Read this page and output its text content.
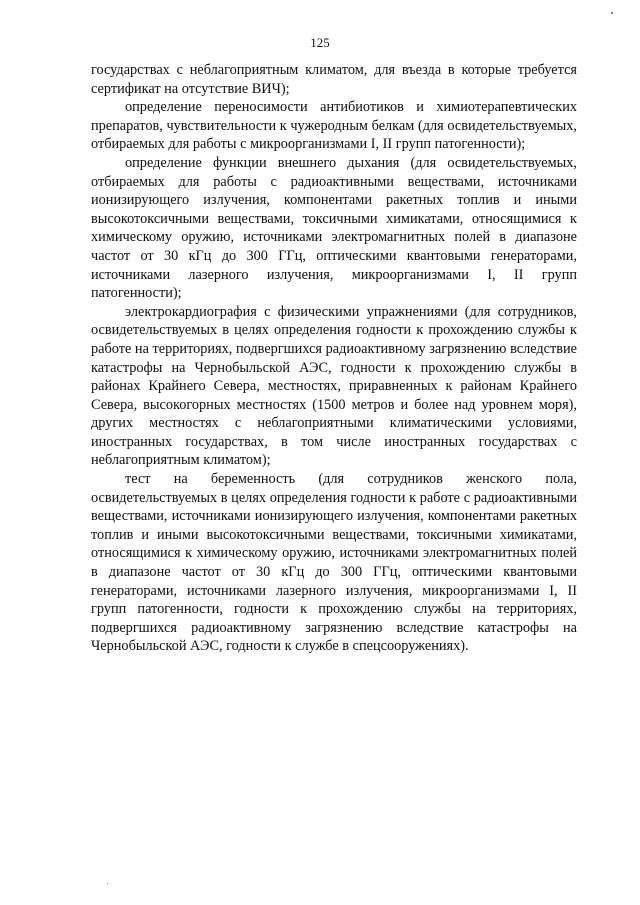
125

государствах с неблагоприятным климатом, для въезда в которые требуется сертификат на отсутствие ВИЧ);

определение переносимости антибиотиков и химиотерапевтических препаратов, чувствительности к чужеродным белкам (для освидетельствуемых, отбираемых для работы с микроорганизмами I, II групп патогенности);

определение функции внешнего дыхания (для освидетельствуемых, отбираемых для работы с радиоактивными веществами, источниками ионизирующего излучения, компонентами ракетных топлив и иными высокотоксичными веществами, токсичными химикатами, относящимися к химическому оружию, источниками электромагнитных полей в диапазоне частот от 30 кГц до 300 ГГц, оптическими квантовыми генераторами, источниками лазерного излучения, микроорганизмами I, II групп патогенности);

электрокардиография с физическими упражнениями (для сотрудников, освидетельствуемых в целях определения годности к прохождению службы к работе на территориях, подвергшихся радиоактивному загрязнению вследствие катастрофы на Чернобыльской АЭС, годности к прохождению службы в районах Крайнего Севера, местностях, приравненных к районам Крайнего Севера, высокогорных местностях (1500 метров и более над уровнем моря), других местностях с неблагоприятными климатическими условиями, иностранных государствах, в том числе иностранных государствах с неблагоприятным климатом);

тест на беременность (для сотрудников женского пола, освидетельствуемых в целях определения годности к работе с радиоактивными веществами, источниками ионизирующего излучения, компонентами ракетных топлив и иными высокотоксичными веществами, токсичными химикатами, относящимися к химическому оружию, источниками электромагнитных полей в диапазоне частот от 30 кГц до 300 ГГц, оптическими квантовыми генераторами, источниками лазерного излучения, микроорганизмами I, II групп патогенности, годности к прохождению службы на территориях, подвергшихся радиоактивному загрязнению вследствие катастрофы на Чернобыльской АЭС, годности к службе в спецсооружениях).
